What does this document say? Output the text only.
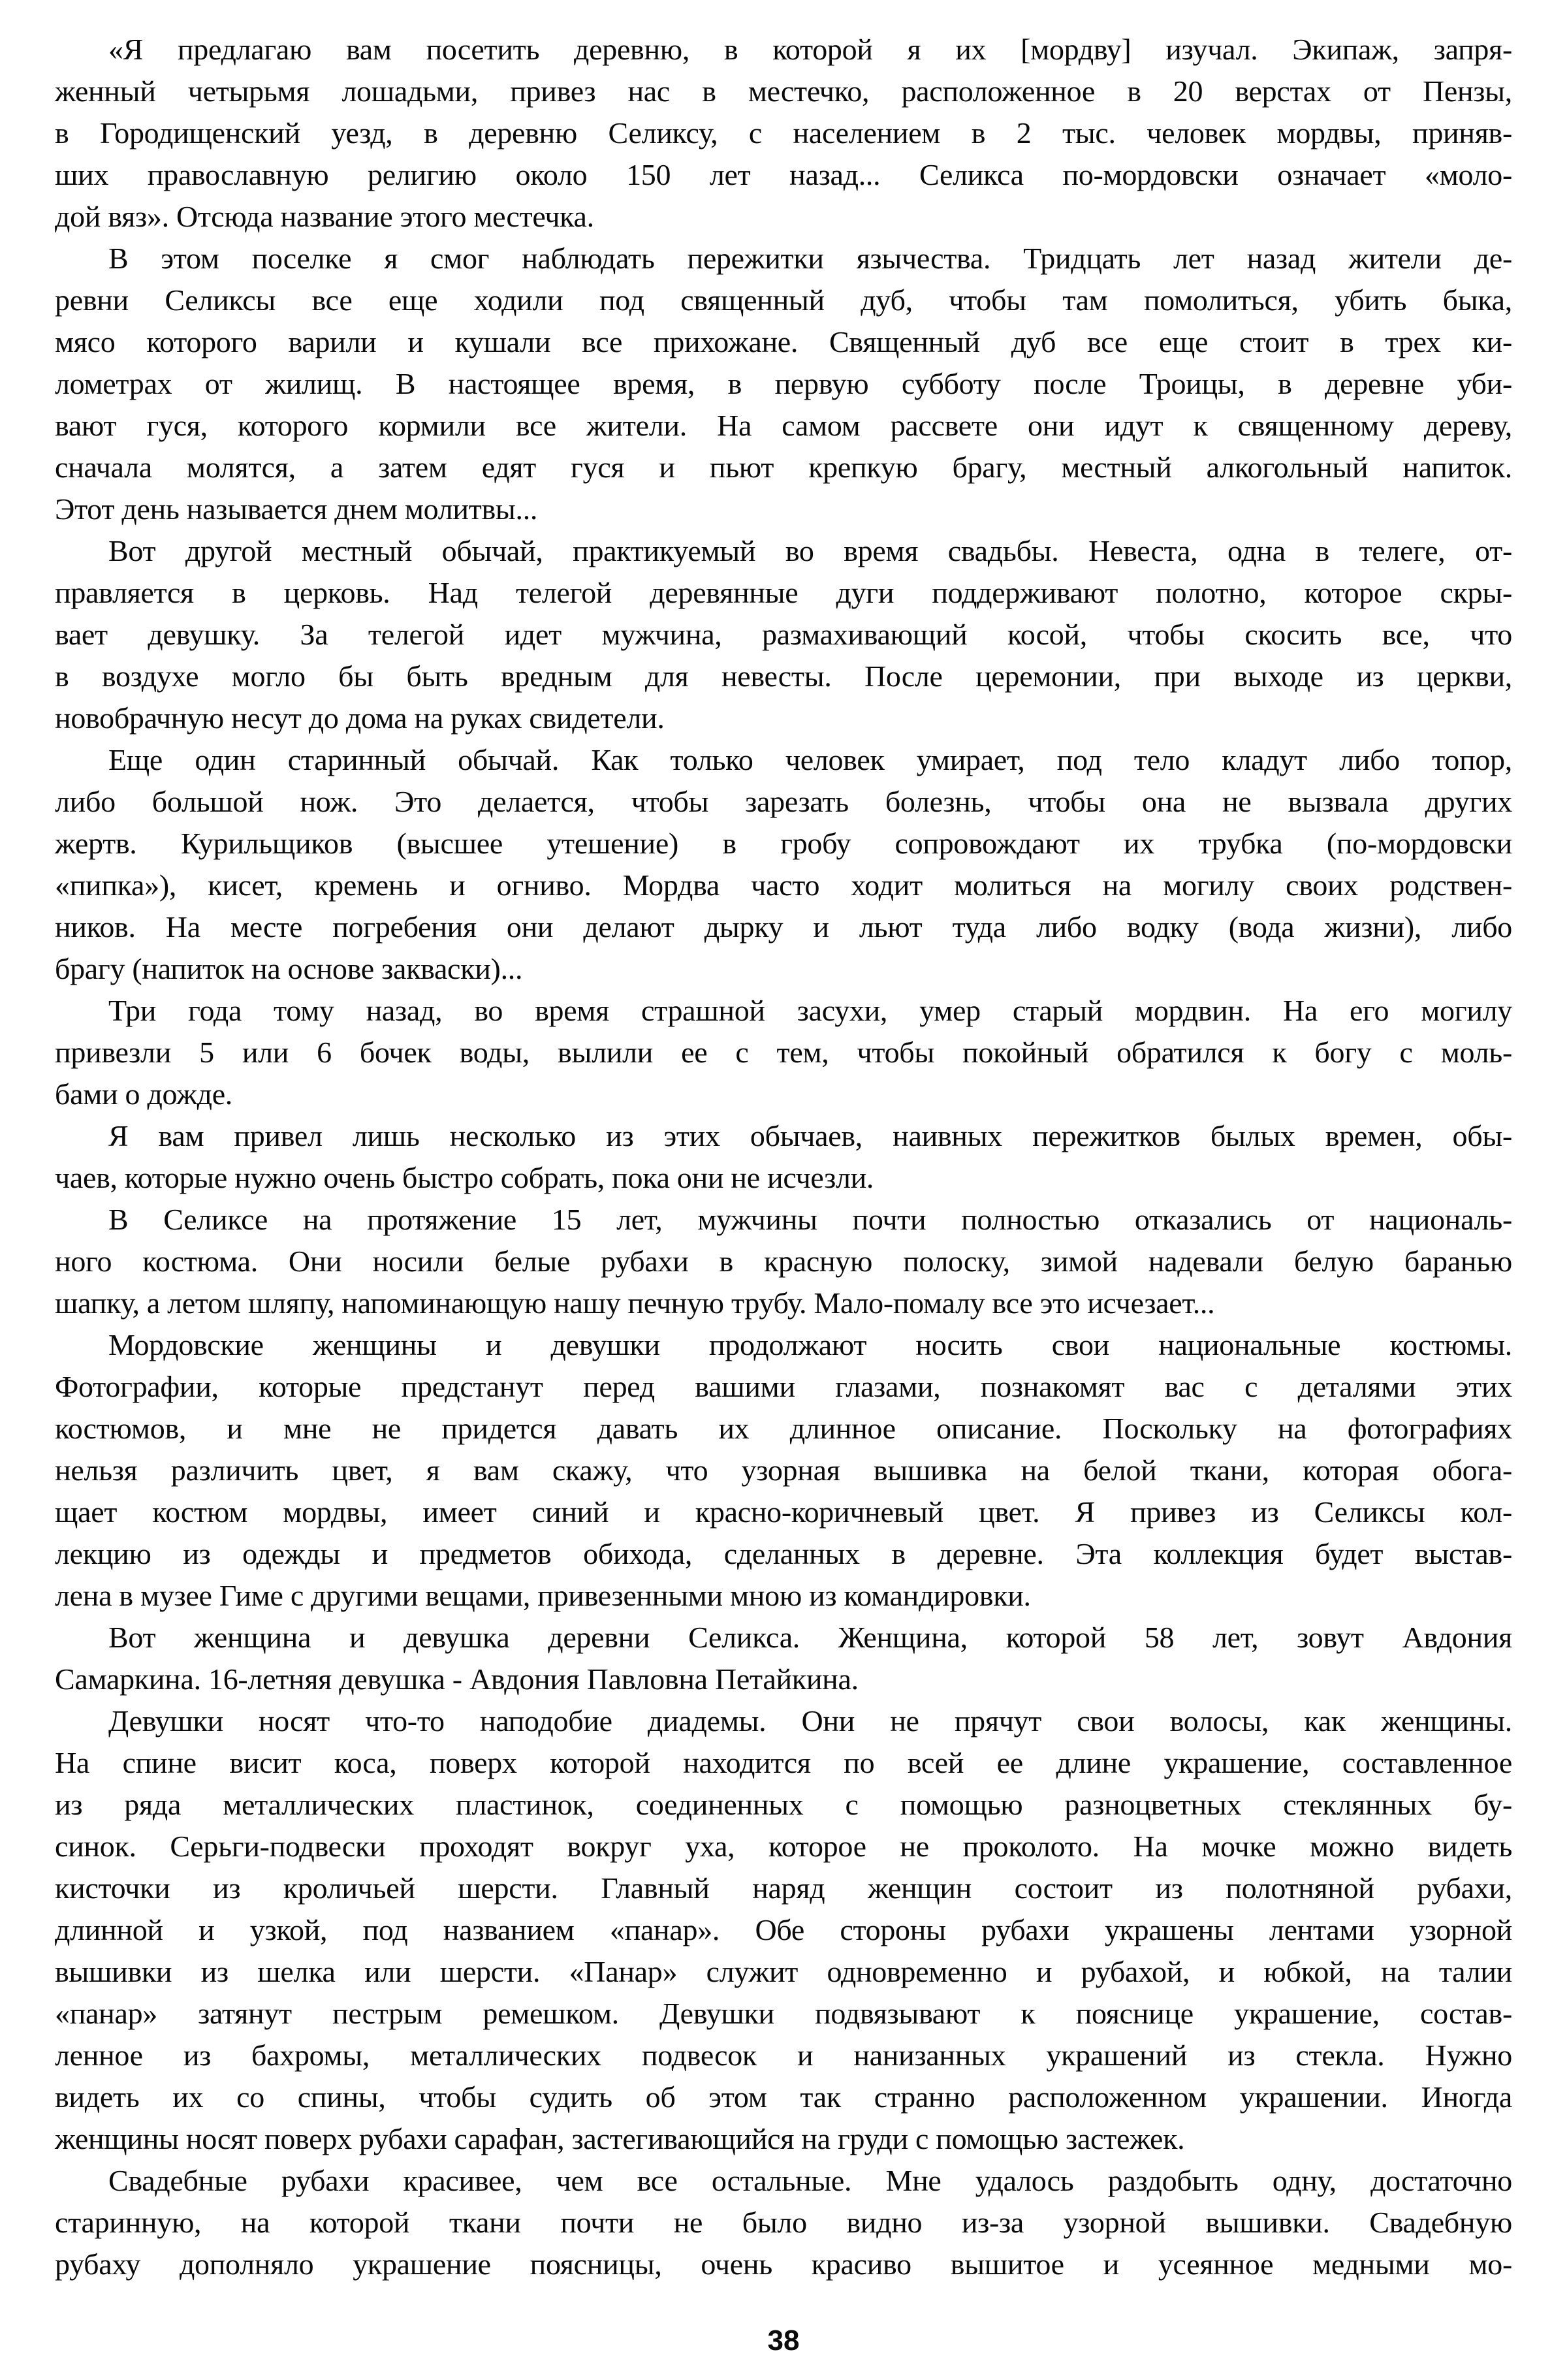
«Я предлагаю вам посетить деревню, в которой я их [мордву] изучал. Экипаж, запря-
женный четырьмя лошадьми, привез нас в местечко, расположенное в 20 верстах от Пензы,
в Городищенский уезд, в деревню Селиксу, с населением в 2 тыс. человек мордвы, приняв-
ших православную религию около 150 лет назад... Селикса по-мордовски означает «моло-
дой вяз». Отсюда название этого местечка.
В этом поселке я смог наблюдать пережитки язычества. Тридцать лет назад жители де-
ревни Селиксы все еще ходили под священный дуб, чтобы там помолиться, убить быка,
мясо которого варили и кушали все прихожане. Священный дуб все еще стоит в трех ки-
лометрах от жилищ. В настоящее время, в первую субботу после Троицы, в деревне уби-
вают гуся, которого кормили все жители. На самом рассвете они идут к священному дереву,
сначала молятся, а затем едят гуся и пьют крепкую брагу, местный алкогольный напиток.
Этот день называется днем молитвы...
Вот другой местный обычай, практикуемый во время свадьбы. Невеста, одна в телеге, от-
правляется в церковь. Над телегой деревянные дуги поддерживают полотно, которое скры-
вает девушку. За телегой идет мужчина, размахивающий косой, чтобы скосить все, что
в воздухе могло бы быть вредным для невесты. После церемонии, при выходе из церкви,
новобрачную несут до дома на руках свидетели.
Еще один старинный обычай. Как только человек умирает, под тело кладут либо топор,
либо большой нож. Это делается, чтобы зарезать болезнь, чтобы она не вызвала других
жертв. Курильщиков (высшее утешение) в гробу сопровождают их трубка (по-мордовски
«пипка»), кисет, кремень и огниво. Мордва часто ходит молиться на могилу своих родствен-
ников. На месте погребения они делают дырку и льют туда либо водку (вода жизни), либо
брагу (напиток на основе закваски)...
Три года тому назад, во время страшной засухи, умер старый мордвин. На его могилу
привезли 5 или 6 бочек воды, вылили ее с тем, чтобы покойный обратился к богу с моль-
бами о дожде.
Я вам привел лишь несколько из этих обычаев, наивных пережитков былых времен, обы-
чаев, которые нужно очень быстро собрать, пока они не исчезли.
В Селиксе на протяжение 15 лет, мужчины почти полностью отказались от националь-
ного костюма. Они носили белые рубахи в красную полоску, зимой надевали белую баранью
шапку, а летом шляпу, напоминающую нашу печную трубу. Мало-помалу все это исчезает...
Мордовские женщины и девушки продолжают носить свои национальные костюмы.
Фотографии, которые предстанут перед вашими глазами, познакомят вас с деталями этих
костюмов, и мне не придется давать их длинное описание. Поскольку на фотографиях
нельзя различить цвет, я вам скажу, что узорная вышивка на белой ткани, которая обога-
щает костюм мордвы, имеет синий и красно-коричневый цвет. Я привез из Селиксы кол-
лекцию из одежды и предметов обихода, сделанных в деревне. Эта коллекция будет выстав-
лена в музее Гиме с другими вещами, привезенными мною из командировки.
Вот женщина и девушка деревни Селикса. Женщина, которой 58 лет, зовут Авдония
Самаркина. 16-летняя девушка - Авдония Павловна Петайкина.
Девушки носят что-то наподобие диадемы. Они не прячут свои волосы, как женщины.
На спине висит коса, поверх которой находится по всей ее длине украшение, составленное
из ряда металлических пластинок, соединенных с помощью разноцветных стеклянных бу-
синок. Серьги-подвески проходят вокруг уха, которое не проколото. На мочке можно видеть
кисточки из кроличьей шерсти. Главный наряд женщин состоит из полотняной рубахи,
длинной и узкой, под названием «панар». Обе стороны рубахи украшены лентами узорной
вышивки из шелка или шерсти. «Панар» служит одновременно и рубахой, и юбкой, на талии
«панар» затянут пестрым ремешком. Девушки подвязывают к пояснице украшение, состав-
ленное из бахромы, металлических подвесок и нанизанных украшений из стекла. Нужно
видеть их со спины, чтобы судить об этом так странно расположенном украшении. Иногда
женщины носят поверх рубахи сарафан, застегивающийся на груди с помощью застежек.
Свадебные рубахи красивее, чем все остальные. Мне удалось раздобыть одну, достаточно
старинную, на которой ткани почти не было видно из-за узорной вышивки. Свадебную
рубаху дополняло украшение поясницы, очень красиво вышитое и усеянное медными мо-
38
